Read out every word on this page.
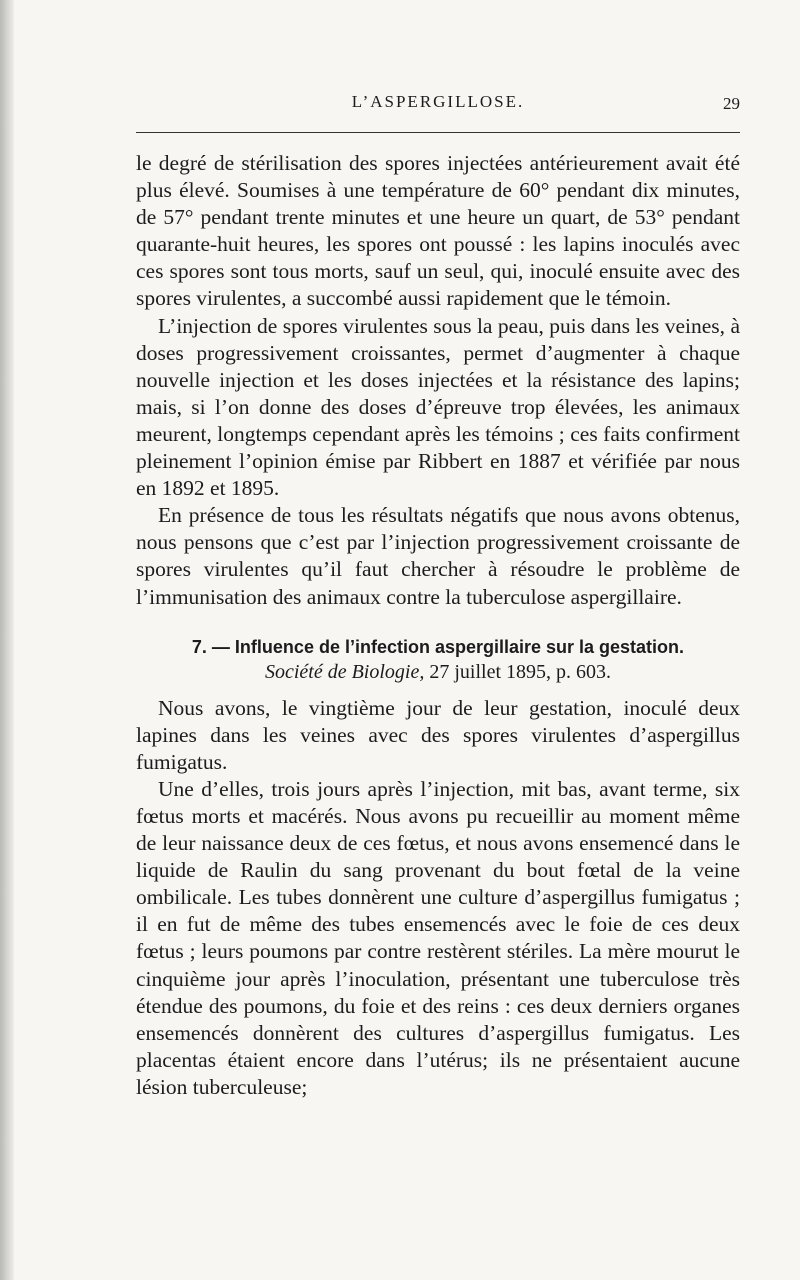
L’ASPERGILLOSE.	29

le degré de stérilisation des spores injectées antérieurement avait été plus élevé. Soumises à une température de 60° pendant dix minutes, de 57° pendant trente minutes et une heure un quart, de 53° pendant quarante-huit heures, les spores ont poussé : les lapins inoculés avec ces spores sont tous morts, sauf un seul, qui, inoculé ensuite avec des spores virulentes, a succombé aussi rapidement que le témoin.

L’injection de spores virulentes sous la peau, puis dans les veines, à doses progressivement croissantes, permet d’augmenter à chaque nouvelle injection et les doses injectées et la résistance des lapins; mais, si l’on donne des doses d’épreuve trop élevées, les animaux meurent, longtemps cependant après les témoins ; ces faits confirment pleinement l’opinion émise par Ribbert en 1887 et vérifiée par nous en 1892 et 1895.

En présence de tous les résultats négatifs que nous avons obtenus, nous pensons que c’est par l’injection progressivement croissante de spores virulentes qu’il faut chercher à résoudre le problème de l’immunisation des animaux contre la tuberculose aspergillaire.

7. — Influence de l’infection aspergillaire sur la gestation.
Société de Biologie, 27 juillet 1895, p. 603.

Nous avons, le vingtième jour de leur gestation, inoculé deux lapines dans les veines avec des spores virulentes d’aspergillus fumigatus.

Une d’elles, trois jours après l’injection, mit bas, avant terme, six fœtus morts et macérés. Nous avons pu recueillir au moment même de leur naissance deux de ces fœtus, et nous avons ensemencé dans le liquide de Raulin du sang provenant du bout fœtal de la veine ombilicale. Les tubes donnèrent une culture d’aspergillus fumigatus ; il en fut de même des tubes ensemencés avec le foie de ces deux fœtus ; leurs poumons par contre restèrent stériles. La mère mourut le cinquième jour après l’inoculation, présentant une tuberculose très étendue des poumons, du foie et des reins : ces deux derniers organes ensemencés donnèrent des cultures d’aspergillus fumigatus. Les placentas étaient encore dans l’utérus; ils ne présentaient aucune lésion tuberculeuse;
